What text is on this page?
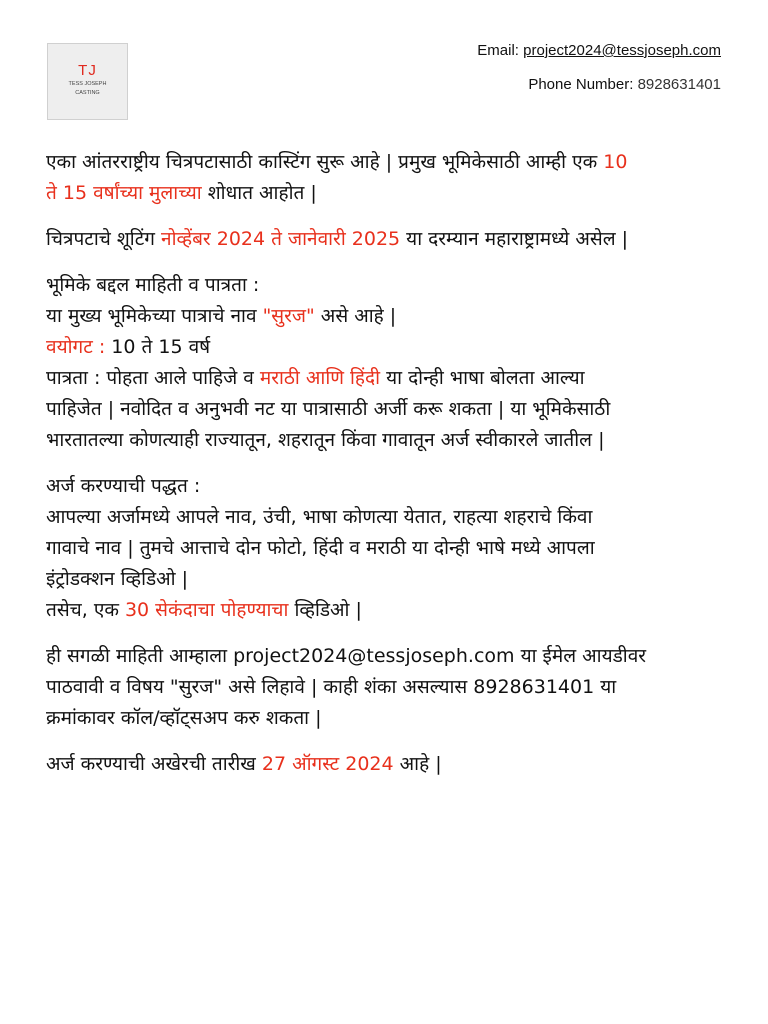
TJ
TESS JOSEPH
CASTING
Email: project2024@tessjoseph.com
Phone Number: 8928631401

एका आंतरराष्ट्रीय चित्रपटासाठी कास्टिंग सुरू आहे | प्रमुख भूमिकेसाठी आम्ही एक 10
ते 15 वर्षांच्या मुलाच्या शोधात आहोत |

चित्रपटाचे शूटिंग नोव्हेंबर 2024 ते जानेवारी 2025 या दरम्यान महाराष्ट्रामध्ये असेल |

भूमिके बद्दल माहिती व पात्रता :
या मुख्य भूमिकेच्या पात्राचे नाव "सुरज" असे आहे |
वयोगट : 10 ते 15 वर्ष
पात्रता : पोहता आले पाहिजे व मराठी आणि हिंदी या दोन्ही भाषा बोलता आल्या
पाहिजेत | नवोदित व अनुभवी नट या पात्रासाठी अर्जी करू शकता | या भूमिकेसाठी
भारतातल्या कोणत्याही राज्यातून, शहरातून किंवा गावातून अर्ज स्वीकारले जातील |

अर्ज करण्याची पद्धत :
आपल्या अर्जामध्ये आपले नाव, उंची, भाषा कोणत्या येतात, राहत्या शहराचे किंवा
गावाचे नाव | तुमचे आत्ताचे दोन फोटो, हिंदी व मराठी या दोन्ही भाषे मध्ये आपला
इंट्रोडक्शन व्हिडिओ |
तसेच, एक 30 सेकंदाचा पोहण्याचा व्हिडिओ |

ही सगळी माहिती आम्हाला project2024@tessjoseph.com या ईमेल आयडीवर
पाठवावी व विषय "सुरज" असे लिहावे | काही शंका असल्यास 8928631401 या
क्रमांकावर कॉल/व्हॉट्सअप करु शकता |

अर्ज करण्याची अखेरची तारीख 27 ऑगस्ट 2024 आहे |
